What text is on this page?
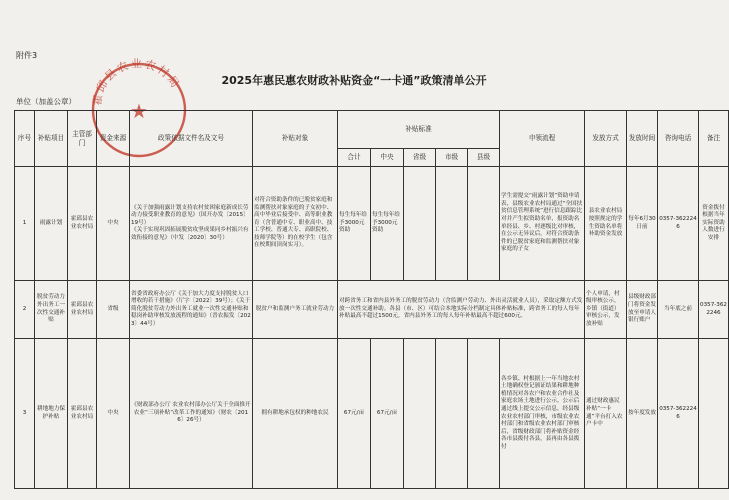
附件3
2025年惠民惠农财政补贴资金“一卡通”政策清单公开
单位（加盖公章） 霍邱县农业农村局
★
序号	补贴项目	主管部门	资金来源	政策依据文件名及文号	补贴对象	补贴标准					申领流程	发放方式	发放时间	咨询电话	备注	
						合计	中央	省级	市级	县级						
1	雨露计划	霍邱县农业农村局	中央	《关于加强雨露计划支持农村贫困家庭新成长劳动力接受职业教育的意见》（国开办发〔2015〕19号）
《关于实现巩固拓展脱贫攻坚成果同乡村振兴有效衔接的意见》（中发〔2020〕30号）	对符合资助条件的已脱贫家庭和监测帮扶对象家庭的子女初中、高中毕业后接受中、高等职业教育（含普通中专、职业高中、技工学校、普通大专、高职院校、技师学院等）的在校学生（包含在校期间顶岗实习）。	每生每年给予3000元资助	每生每年给予3000元资助				学生需提交“雨露计划”资助申请表，县级农业农村局通过“全国扶贫信息管理系统”进行信息跟踪比对并产生拟资助名单，报资助名单经县、乡、村逐级比对审核，在公示无异议后，对符合资助条件的已脱贫家庭和监测帮扶对象家庭的子女	县农业农村局按照规定的学生资助名单将补助资金发放	每年6月30日前	0357-3622246	资金拨付根据当年实际资助人数进行安排	
2	脱贫劳动力外出务工一次性交通补贴	霍邱县农业农村局	省级	省委省政府办公厅《关于加大力度支持脱贫人口增收的若干措施》（厅字〔2022〕39号）；《关于简化脱贫劳动力外出务工就业一次性交通补贴和稳岗补助审核发放流程的通知》（晋农振发〔2023〕44号）	脱贫户和监测户务工就业劳动力	对跨省务工和省内县外务工的脱贫劳动力（含监测户劳动力、外出灵活就业人员），采取定额方式发放一次性交通补助。各县（市、区）可结合本地实际分档制定具体补贴标准，跨省务工的每人每年补贴最高不超过1500元，省内县外务工的每人每年补贴最高不超过600元。						个人申请，村级审核公示，乡镇（街道）审核公示，发放补贴	县级财政部门将资金发放至申请人银行账户	当年底之前	0357-3622246	
3	耕地地力保护补贴	霍邱县农业农村局	中央	《财政部办公厅 农业农村部办公厅关于全面推开农业“三项补贴”改革工作的通知》（财农〔2016〕26号）	拥有耕地承包权的种地农民	67元/亩	67元/亩				各乡镇、村根据上一年当地农村土地确权登记颁证结果和耕地种植情况对各农户和农业合作社及家庭农场土地进行公示，公示后通过线上提交公示信息，经县级农业农村部门审核，市级农业农村部门和省级农业农村部门审核后，省级财政部门将补贴资金经各市县拨付各县，县再由各县拨付	通过财政惠民补贴“一卡通”平台打入农户卡中	按年度发放	0357-3622246		
